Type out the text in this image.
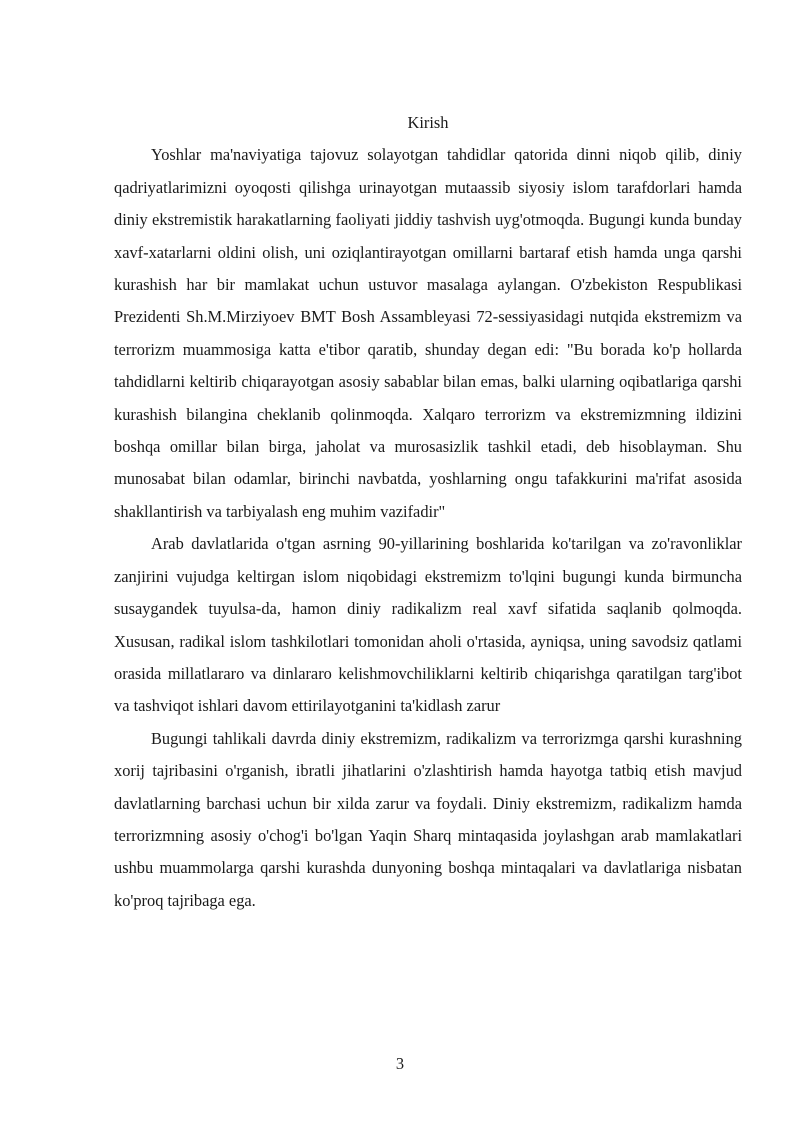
Kirish

Yoshlar ma'naviyatiga tajovuz solayotgan tahdidlar qatorida dinni niqob qilib, diniy qadriyatlarimizni oyoqosti qilishga urinayotgan mutaassib siyosiy islom tarafdorlari hamda diniy ekstremistik harakatlarning faoliyati jiddiy tashvish uyg'otmoqda. Bugungi kunda bunday xavf-xatarlarni oldini olish, uni oziqlantirayotgan omillarni bartaraf etish hamda unga qarshi kurashish har bir mamlakat uchun ustuvor masalaga aylangan. O'zbekiston Respublikasi Prezidenti Sh.M.Mirziyoev BMT Bosh Assambleyasi 72-sessiyasidagi nutqida ekstremizm va terrorizm muammosiga katta e'tibor qaratib, shunday degan edi: "Bu borada ko'p hollarda tahdidlarni keltirib chiqarayotgan asosiy sabablar bilan emas, balki ularning oqibatlariga qarshi kurashish bilangina cheklanib qolinmoqda. Xalqaro terrorizm va ekstremizmning ildizini boshqa omillar bilan birga, jaholat va murosasizlik tashkil etadi, deb hisoblayman. Shu munosabat bilan odamlar, birinchi navbatda, yoshlarning ongu tafakkurini ma'rifat asosida shakllantirish va tarbiyalash eng muhim vazifadir"

Arab davlatlarida o'tgan asrning 90-yillarining boshlarida ko'tarilgan va zo'ravonliklar zanjirini vujudga keltirgan islom niqobidagi ekstremizm to'lqini bugungi kunda birmuncha susaygandek tuyulsa-da, hamon diniy radikalizm real xavf sifatida saqlanib qolmoqda. Xususan, radikal islom tashkilotlari tomonidan aholi o'rtasida, ayniqsa, uning savodsiz qatlami orasida millatlararo va dinlararo kelishmovchiliklarni keltirib chiqarishga qaratilgan targ'ibot va tashviqot ishlari davom ettirilayotganini ta'kidlash zarur

Bugungi tahlikali davrda diniy ekstremizm, radikalizm va terrorizmga qarshi kurashning xorij tajribasini o'rganish, ibratli jihatlarini o'zlashtirish hamda hayotga tatbiq etish mavjud davlatlarning barchasi uchun bir xilda zarur va foydali. Diniy ekstremizm, radikalizm hamda terrorizmning asosiy o'chog'i bo'lgan Yaqin Sharq mintaqasida joylashgan arab mamlakatlari ushbu muammolarga qarshi kurashda dunyoning boshqa mintaqalari va davlatlariga nisbatan ko'proq tajribaga ega.

3
